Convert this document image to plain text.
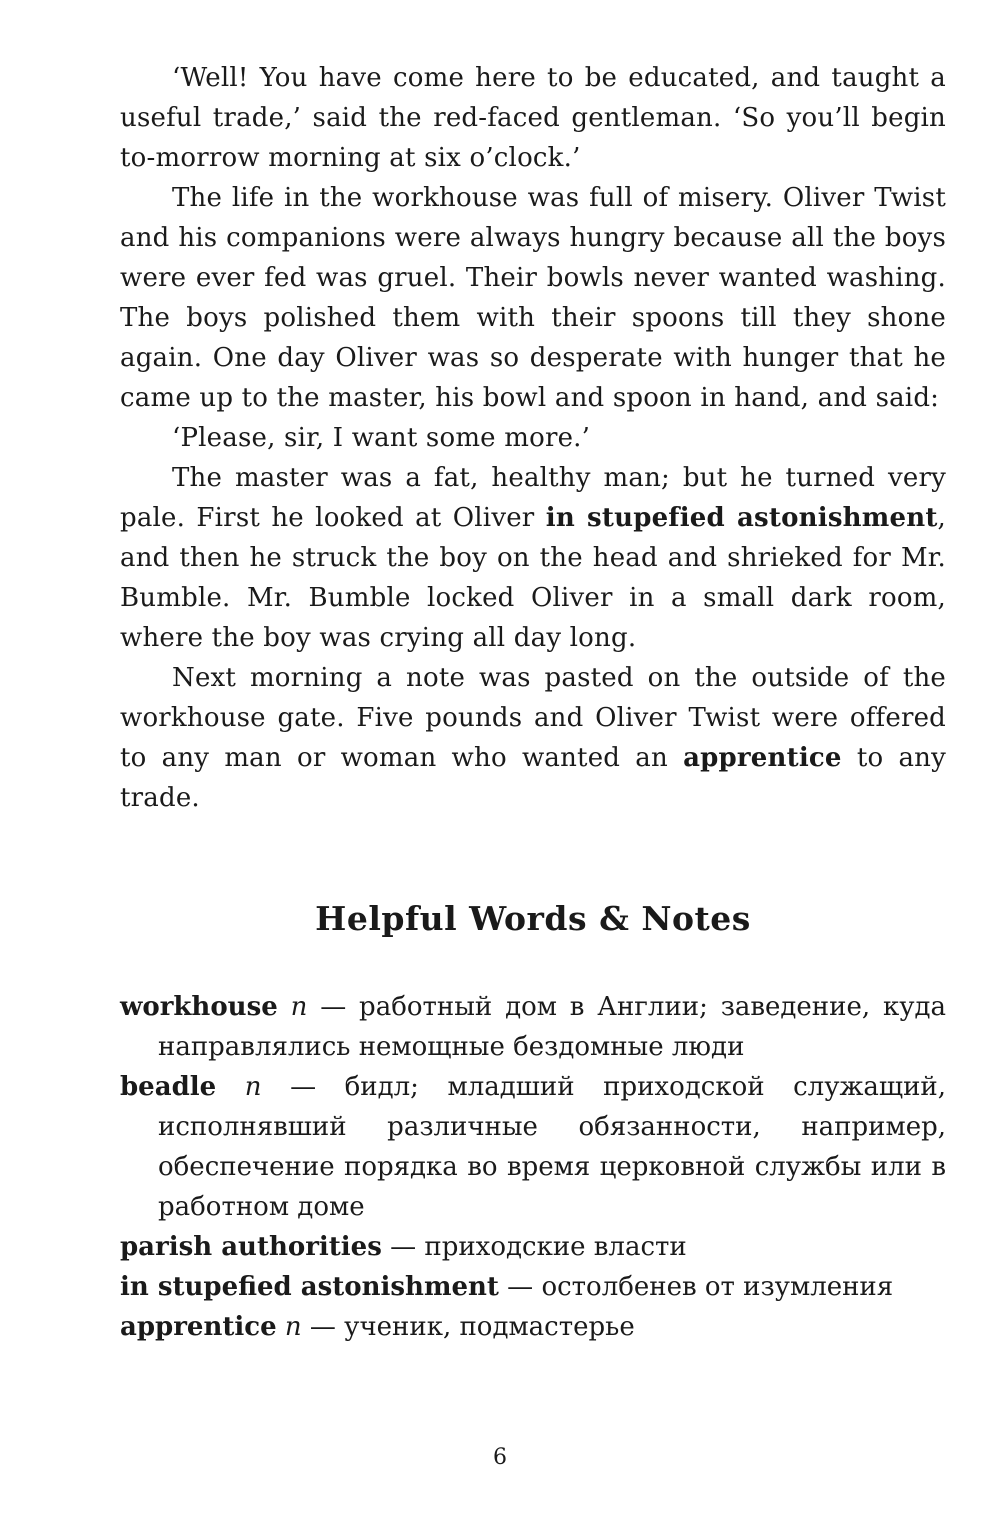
‘Well! You have come here to be educated, and taught a useful trade,’ said the red-faced gentleman. ‘So you’ll begin to-morrow morning at six o’clock.’

The life in the workhouse was full of misery. Oliver Twist and his companions were always hungry because all the boys were ever fed was gruel. Their bowls never wanted washing. The boys polished them with their spoons till they shone again. One day Oliver was so desperate with hunger that he came up to the master, his bowl and spoon in hand, and said:

‘Please, sir, I want some more.’

The master was a fat, healthy man; but he turned very pale. First he looked at Oliver in stupefied astonishment, and then he struck the boy on the head and shrieked for Mr. Bumble. Mr. Bumble locked Oliver in a small dark room, where the boy was crying all day long.

Next morning a note was pasted on the outside of the workhouse gate. Five pounds and Oliver Twist were offered to any man or woman who wanted an apprentice to any trade.

Helpful Words & Notes
workhouse n — работный дом в Англии; заведение, куда направлялись немощные бездомные люди
beadle n — бидл; младший приходской служащий, исполнявший различные обязанности, например, обеспечение порядка во время церковной службы или в работном доме
parish authorities — приходские власти
in stupefied astonishment — остолбенев от изумления
apprentice n — ученик, подмастерье
6
